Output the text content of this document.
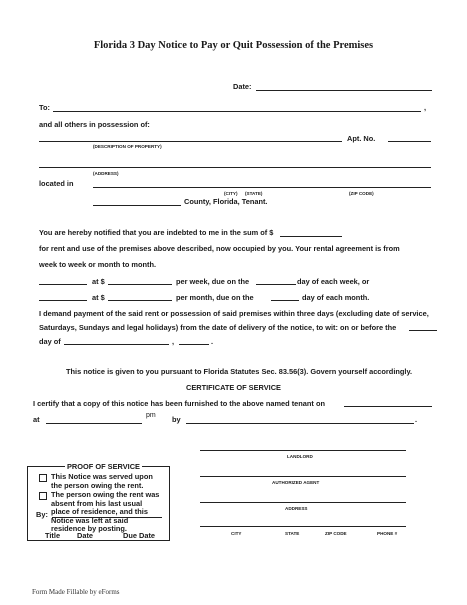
Florida 3 Day Notice to Pay or Quit Possession of the Premises
Date:
To:	,
and all others in possession of:
Apt. No.
(DESCRIPTION OF PROPERTY)
(ADDRESS)
located in
(CITY) (STATE)	(ZIP CODE)
County, Florida, Tenant.
You are hereby notified that you are indebted to me in the sum of $
for rent and use of the premises above described, now occupied by you. Your rental agreement is from
week to week or month to month.
at $	per week, due on the	day of each week, or
at $	per month, due on the	day of each month.
I demand payment of the said rent or possession of said premises within three days (excluding date of service,
Saturdays, Sundays and legal holidays) from the date of delivery of the notice, to wit: on or before the
day of	,	.
This notice is given to you pursuant to Florida Statutes Sec. 83.56(3). Govern yourself accordingly.
CERTIFICATE OF SERVICE
I certify that a copy of this notice has been furnished to the above named tenant on
at	pm by	.
PROOF OF SERVICE
This Notice was served upon the person owing the rent.
The person owing the rent was absent from his last usual place of residence, and this Notice was left at said residence by posting.
By:
Title Date	Due Date
LANDLORD
AUTHORIZED AGENT
ADDRESS
CITY	STATE	ZIP CODE	PHONE #
Form Made Fillable by eForms
